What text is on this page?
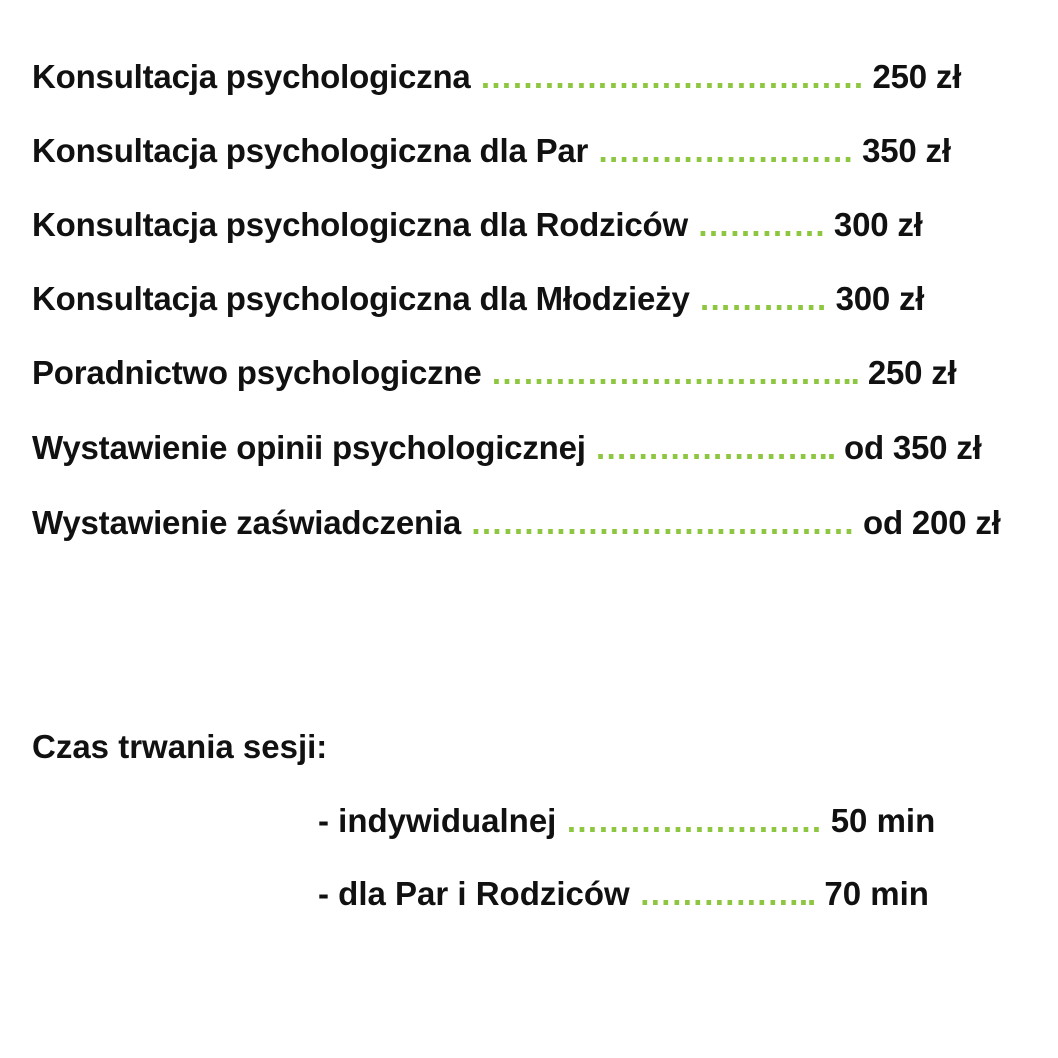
Konsultacja psychologiczna ……………………………… 250 zł
Konsultacja psychologiczna dla Par …………………… 350 zł
Konsultacja psychologiczna dla Rodziców ………… 300 zł
Konsultacja psychologiczna dla Młodzieży ………… 300 zł
Poradnictwo psychologiczne …………………………….. 250 zł
Wystawienie opinii psychologicznej ………………….. od 350 zł
Wystawienie zaświadczenia ……………………………… od 200 zł
Czas trwania sesji:
- indywidualnej …………………… 50 min
- dla Par i Rodziców …………….. 70 min
